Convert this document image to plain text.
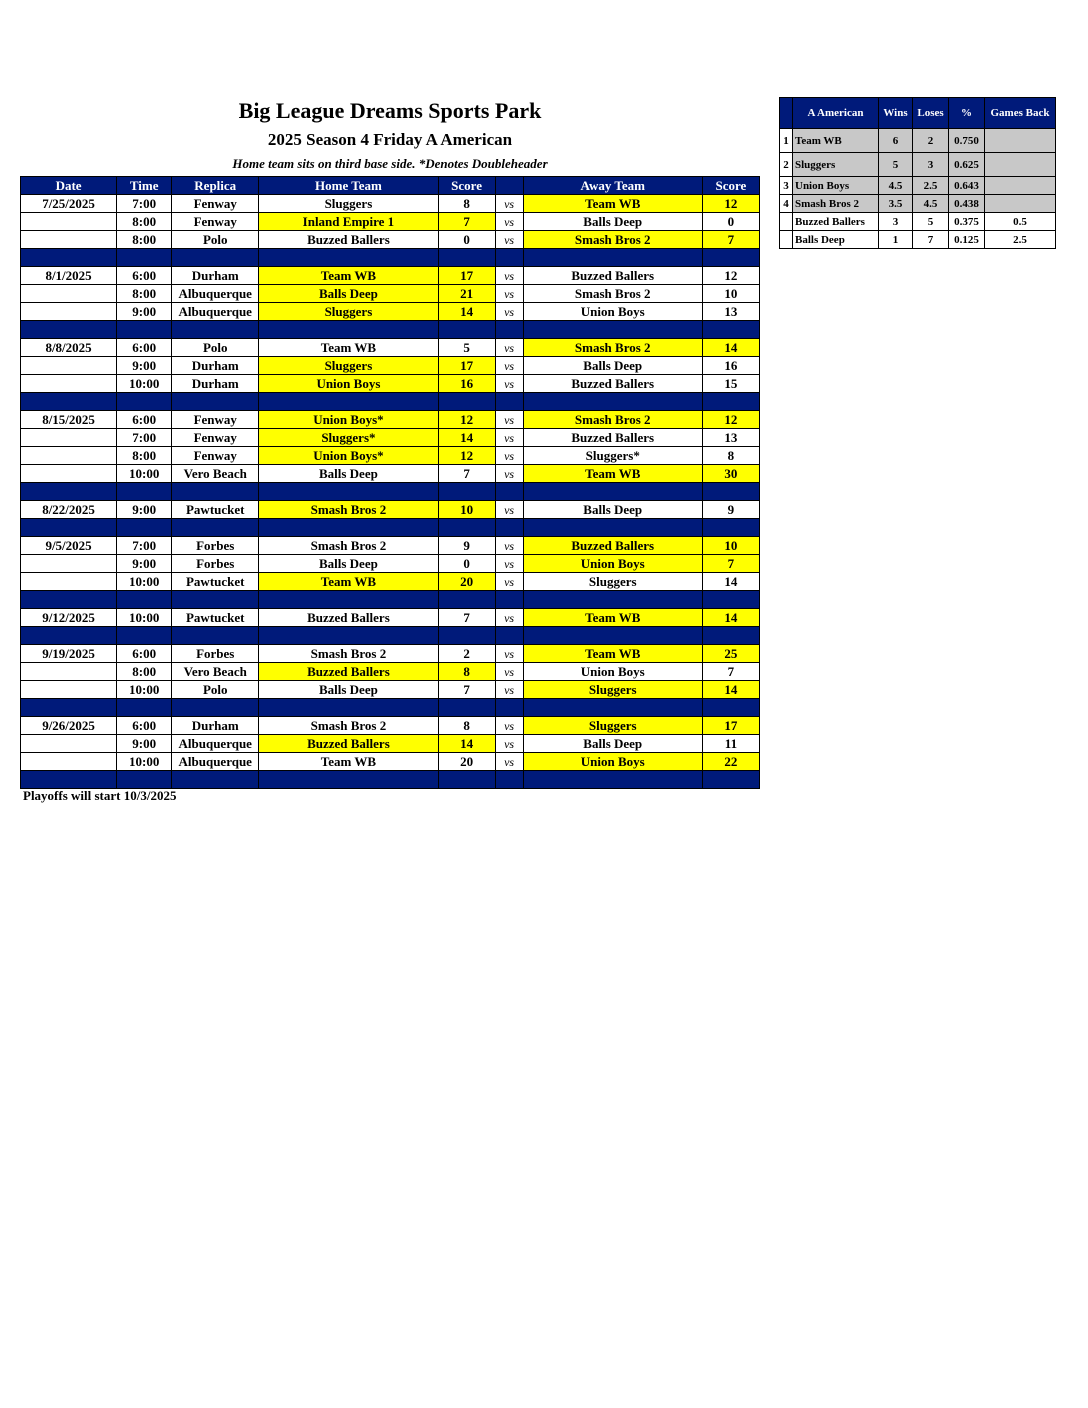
Big League Dreams Sports Park
2025 Season 4 Friday A American
Home team sits on third base side. *Denotes Doubleheader
Date	Time	Replica	Home Team	Score		Away Team	Score
7/25/2025	7:00	Fenway	Sluggers	8	vs	Team WB	12
	8:00	Fenway	Inland Empire 1	7	vs	Balls Deep	0
	8:00	Polo	Buzzed Ballers	0	vs	Smash Bros 2	7

8/1/2025	6:00	Durham	Team WB	17	vs	Buzzed Ballers	12
	8:00	Albuquerque	Balls Deep	21	vs	Smash Bros 2	10
	9:00	Albuquerque	Sluggers	14	vs	Union Boys	13

8/8/2025	6:00	Polo	Team WB	5	vs	Smash Bros 2	14
	9:00	Durham	Sluggers	17	vs	Balls Deep	16
	10:00	Durham	Union Boys	16	vs	Buzzed Ballers	15

8/15/2025	6:00	Fenway	Union Boys*	12	vs	Smash Bros 2	12
	7:00	Fenway	Sluggers*	14	vs	Buzzed Ballers	13
	8:00	Fenway	Union Boys*	12	vs	Sluggers*	8
	10:00	Vero Beach	Balls Deep	7	vs	Team WB	30

8/22/2025	9:00	Pawtucket	Smash Bros 2	10	vs	Balls Deep	9

9/5/2025	7:00	Forbes	Smash Bros 2	9	vs	Buzzed Ballers	10
	9:00	Forbes	Balls Deep	0	vs	Union Boys	7
	10:00	Pawtucket	Team WB	20	vs	Sluggers	14

9/12/2025	10:00	Pawtucket	Buzzed Ballers	7	vs	Team WB	14

9/19/2025	6:00	Forbes	Smash Bros 2	2	vs	Team WB	25
	8:00	Vero Beach	Buzzed Ballers	8	vs	Union Boys	7
	10:00	Polo	Balls Deep	7	vs	Sluggers	14

9/26/2025	6:00	Durham	Smash Bros 2	8	vs	Sluggers	17
	9:00	Albuquerque	Buzzed Ballers	14	vs	Balls Deep	11
	10:00	Albuquerque	Team WB	20	vs	Union Boys	22

Playoffs will start 10/3/2025
	A American	Wins	Loses	%	Games Back
1	Team WB	6	2	0.750	
2	Sluggers	5	3	0.625	
3	Union Boys	4.5	2.5	0.643	
4	Smash Bros 2	3.5	4.5	0.438	
5	Buzzed Ballers	3	5	0.375	0.5
6	Balls Deep	1	7	0.125	2.5
